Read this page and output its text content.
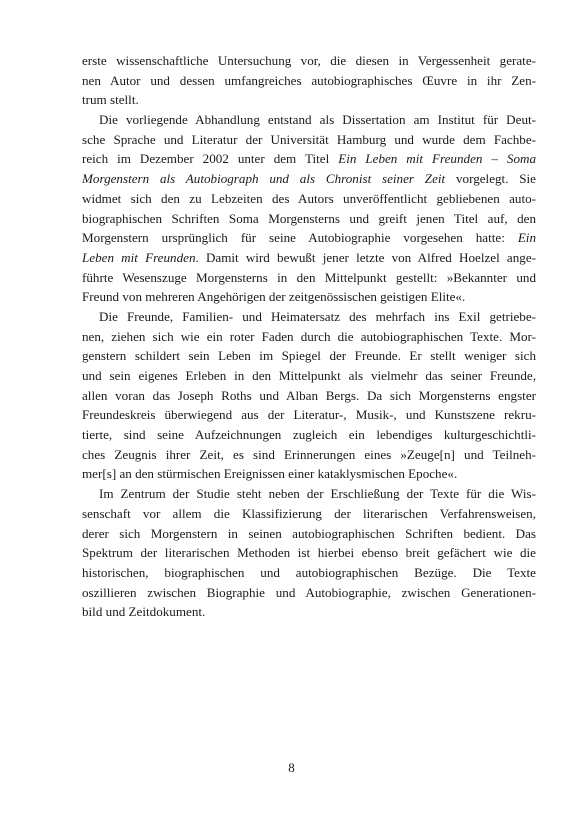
erste wissenschaftliche Untersuchung vor, die diesen in Vergessenheit gerate-
nen Autor und dessen umfangreiches autobiographisches Œuvre in ihr Zen-
trum stellt.
Die vorliegende Abhandlung entstand als Dissertation am Institut für Deut-
sche Sprache und Literatur der Universität Hamburg und wurde dem Fachbe-
reich im Dezember 2002 unter dem Titel Ein Leben mit Freunden – Soma
Morgenstern als Autobiograph und als Chronist seiner Zeit vorgelegt. Sie
widmet sich den zu Lebzeiten des Autors unveröffentlicht gebliebenen auto-
biographischen Schriften Soma Morgensterns und greift jenen Titel auf, den
Morgenstern ursprünglich für seine Autobiographie vorgesehen hatte: Ein
Leben mit Freunden. Damit wird bewußt jener letzte von Alfred Hoelzel ange-
führte Wesenszuge Morgensterns in den Mittelpunkt gestellt: »Bekannter und
Freund von mehreren Angehörigen der zeitgenössischen geistigen Elite«.
Die Freunde, Familien- und Heimatersatz des mehrfach ins Exil getriebe-
nen, ziehen sich wie ein roter Faden durch die autobiographischen Texte. Mor-
genstern schildert sein Leben im Spiegel der Freunde. Er stellt weniger sich
und sein eigenes Erleben in den Mittelpunkt als vielmehr das seiner Freunde,
allen voran das Joseph Roths und Alban Bergs. Da sich Morgensterns engster
Freundeskreis überwiegend aus der Literatur-, Musik-, und Kunstszene rekru-
tierte, sind seine Aufzeichnungen zugleich ein lebendiges kulturgeschichtli-
ches Zeugnis ihrer Zeit, es sind Erinnerungen eines »Zeuge[n] und Teilneh-
mer[s] an den stürmischen Ereignissen einer kataklysmischen Epoche«.
Im Zentrum der Studie steht neben der Erschließung der Texte für die Wis-
senschaft vor allem die Klassifizierung der literarischen Verfahrensweisen,
derer sich Morgenstern in seinen autobiographischen Schriften bedient. Das
Spektrum der literarischen Methoden ist hierbei ebenso breit gefächert wie die
historischen, biographischen und autobiographischen Bezüge. Die Texte
oszillieren zwischen Biographie und Autobiographie, zwischen Generationen-
bild und Zeitdokument.
8
